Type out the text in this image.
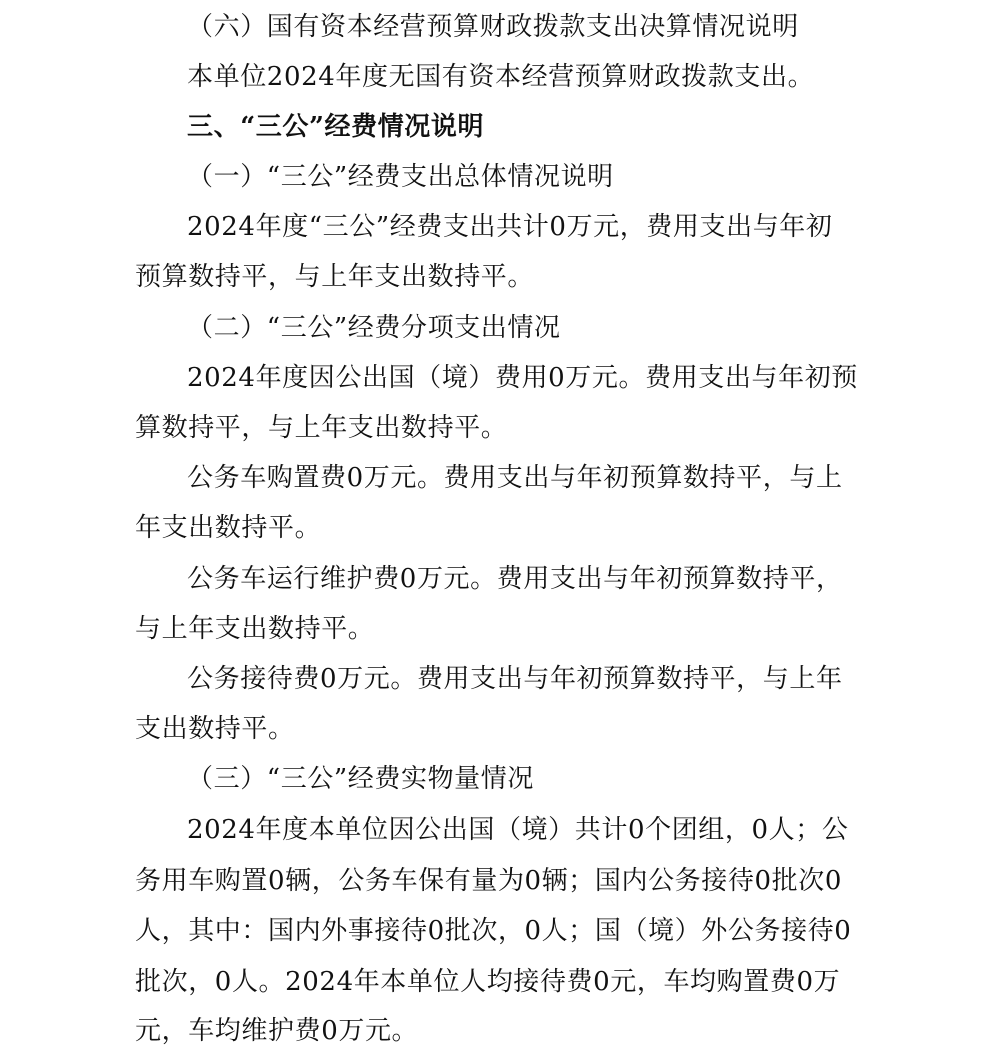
（六）国有资本经营预算财政拨款支出决算情况说明
本单位2024年度无国有资本经营预算财政拨款支出。
三、“三公”经费情况说明
（一）“三公”经费支出总体情况说明
2024年度“三公”经费支出共计0万元，费用支出与年初
预算数持平，与上年支出数持平。
（二）“三公”经费分项支出情况
2024年度因公出国（境）费用0万元。费用支出与年初预
算数持平，与上年支出数持平。
公务车购置费0万元。费用支出与年初预算数持平，与上
年支出数持平。
公务车运行维护费0万元。费用支出与年初预算数持平，
与上年支出数持平。
公务接待费0万元。费用支出与年初预算数持平，与上年
支出数持平。
（三）“三公”经费实物量情况
2024年度本单位因公出国（境）共计0个团组，0人；公
务用车购置0辆，公务车保有量为0辆；国内公务接待0批次0
人，其中：国内外事接待0批次，0人；国（境）外公务接待0
批次，0人。2024年本单位人均接待费0元，车均购置费0万
元，车均维护费0万元。
